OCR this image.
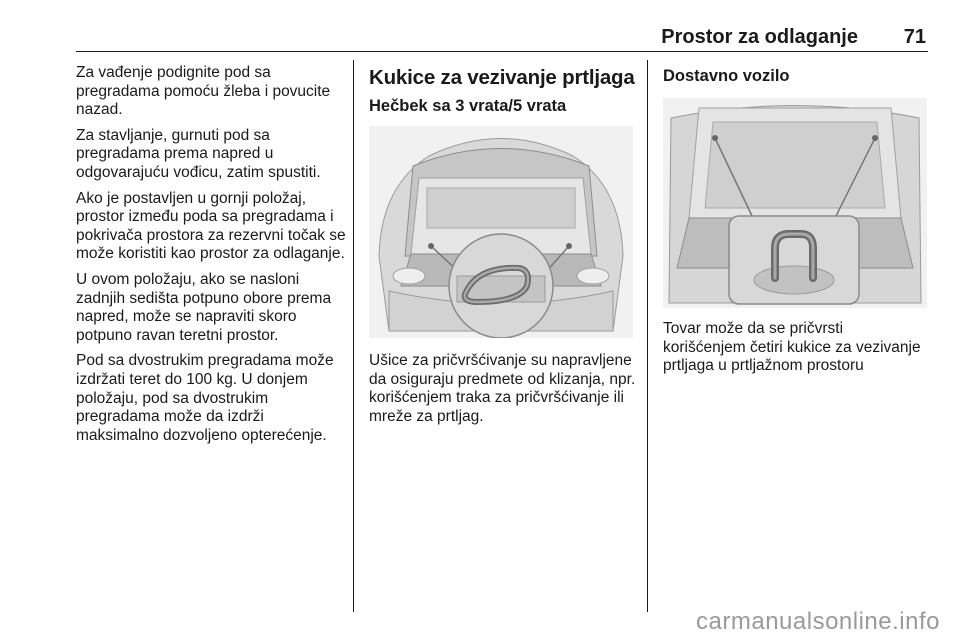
Prostor za odlaganje 71

Za vađenje podignite pod sa pregradama pomoću žleba i povucite nazad.

Za stavljanje, gurnuti pod sa pregradama prema napred u odgovarajuću vođicu, zatim spustiti.

Ako je postavljen u gornji položaj, prostor između poda sa pregradama i pokrivača prostora za rezervni točak se može koristiti kao prostor za odlaganje.

U ovom položaju, ako se nasloni zadnjih sedišta potpuno obore prema napred, može se napraviti skoro potpuno ravan teretni prostor.

Pod sa dvostrukim pregradama može izdržati teret do 100 kg. U donjem položaju, pod sa dvostrukim pregradama može da izdrži maksimalno dozvoljeno opterećenje.

Kukice za vezivanje prtljaga
Hečbek sa 3 vrata/5 vrata

Ušice za pričvršćivanje su napravljene da osiguraju predmete od klizanja, npr. korišćenjem traka za pričvršćivanje ili mreže za prtljag.

Dostavno vozilo

Tovar može da se pričvrsti korišćenjem četiri kukice za vezivanje prtljaga u prtljažnom prostoru

carmanualsonline.info
